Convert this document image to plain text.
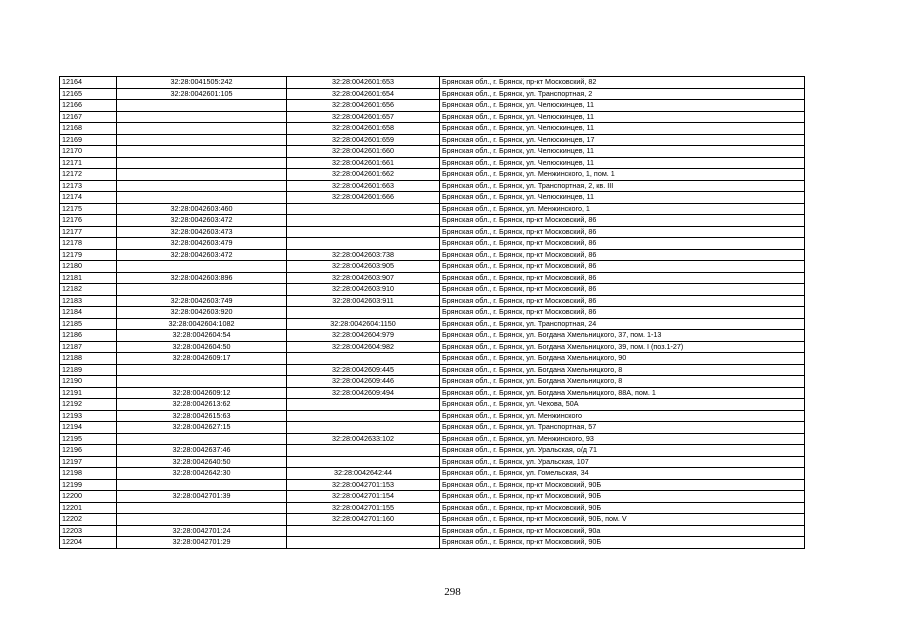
12164	32:28:0041505:242	32:28:0042601:653	Брянская обл., г. Брянск, пр-кт Московский, 82
12165	32:28:0042601:105	32:28:0042601:654	Брянская обл., г. Брянск, ул. Транспортная, 2
12166		32:28:0042601:656	Брянская обл., г. Брянск, ул. Челюскинцев, 11
12167		32:28:0042601:657	Брянская обл., г. Брянск, ул. Челюскинцев, 11
12168		32:28:0042601:658	Брянская обл., г. Брянск, ул. Челюскинцев, 11
12169		32:28:0042601:659	Брянская обл., г. Брянск, ул. Челюскинцев, 17
12170		32:28:0042601:660	Брянская обл., г. Брянск, ул. Челюскинцев, 11
12171		32:28:0042601:661	Брянская обл., г. Брянск, ул. Челюскинцев, 11
12172		32:28:0042601:662	Брянская обл., г. Брянск, ул. Менжинского, 1, пом. 1
12173		32:28:0042601:663	Брянская обл., г. Брянск, ул. Транспортная, 2, кв. III
12174		32:28:0042601:666	Брянская обл., г. Брянск, ул. Челюскинцев, 11
12175	32:28:0042603:460		Брянская обл., г. Брянск, ул. Менжинского, 1
12176	32:28:0042603:472		Брянская обл., г. Брянск, пр-кт Московский, 86
12177	32:28:0042603:473		Брянская обл., г. Брянск, пр-кт Московский, 86
12178	32:28:0042603:479		Брянская обл., г. Брянск, пр-кт Московский, 86
12179	32:28:0042603:472	32:28:0042603:738	Брянская обл., г. Брянск, пр-кт Московский, 86
12180		32:28:0042603:905	Брянская обл., г. Брянск, пр-кт Московский, 86
12181	32:28:0042603:896	32:28:0042603:907	Брянская обл., г. Брянск, пр-кт Московский, 86
12182		32:28:0042603:910	Брянская обл., г. Брянск, пр-кт Московский, 86
12183	32:28:0042603:749	32:28:0042603:911	Брянская обл., г. Брянск, пр-кт Московский, 86
12184	32:28:0042603:920		Брянская обл., г. Брянск, пр-кт Московский, 86
12185	32:28:0042604:1082	32:28:0042604:1150	Брянская обл., г. Брянск, ул. Транспортная, 24
12186	32:28:0042604:54	32:28:0042604:979	Брянская обл., г. Брянск, ул. Богдана Хмельницкого, 37, пом. 1-13
12187	32:28:0042604:50	32:28:0042604:982	Брянская обл., г. Брянск, ул. Богдана Хмельницкого, 39, пом. I (поз.1-27)
12188	32:28:0042609:17		Брянская обл., г. Брянск, ул. Богдана Хмельницкого, 90
12189		32:28:0042609:445	Брянская обл., г. Брянск, ул. Богдана Хмельницкого, 8
12190		32:28:0042609:446	Брянская обл., г. Брянск, ул. Богдана Хмельницкого, 8
12191	32:28:0042609:12	32:28:0042609:494	Брянская обл., г. Брянск, ул. Богдана Хмельницкого, 88А, пом. 1
12192	32:28:0042613:62		Брянская обл., г. Брянск, ул. Чехова, 50А
12193	32:28:0042615:63		Брянская обл., г. Брянск, ул. Менжинского
12194	32:28:0042627:15		Брянская обл., г. Брянск, ул. Транспортная, 57
12195		32:28:0042633:102	Брянская обл., г. Брянск, ул. Менжинского, 93
12196	32:28:0042637:46		Брянская обл., г. Брянск, ул. Уральская, о/д 71
12197	32:28:0042640:50		Брянская обл., г. Брянск, ул. Уральская, 107
12198	32:28:0042642:30	32:28:0042642:44	Брянская обл., г. Брянск, ул. Гомельская, 34
12199		32:28:0042701:153	Брянская обл., г. Брянск, пр-кт Московский, 90Б
12200	32:28:0042701:39	32:28:0042701:154	Брянская обл., г. Брянск, пр-кт Московский, 90Б
12201		32:28:0042701:155	Брянская обл., г. Брянск, пр-кт Московский, 90Б
12202		32:28:0042701:160	Брянская обл., г. Брянск, пр-кт Московский, 90Б, пом. V
12203	32:28:0042701:24		Брянская обл., г. Брянск, пр-кт Московский, 90а
12204	32:28:0042701:29		Брянская обл., г. Брянск, пр-кт Московский, 90Б
298
